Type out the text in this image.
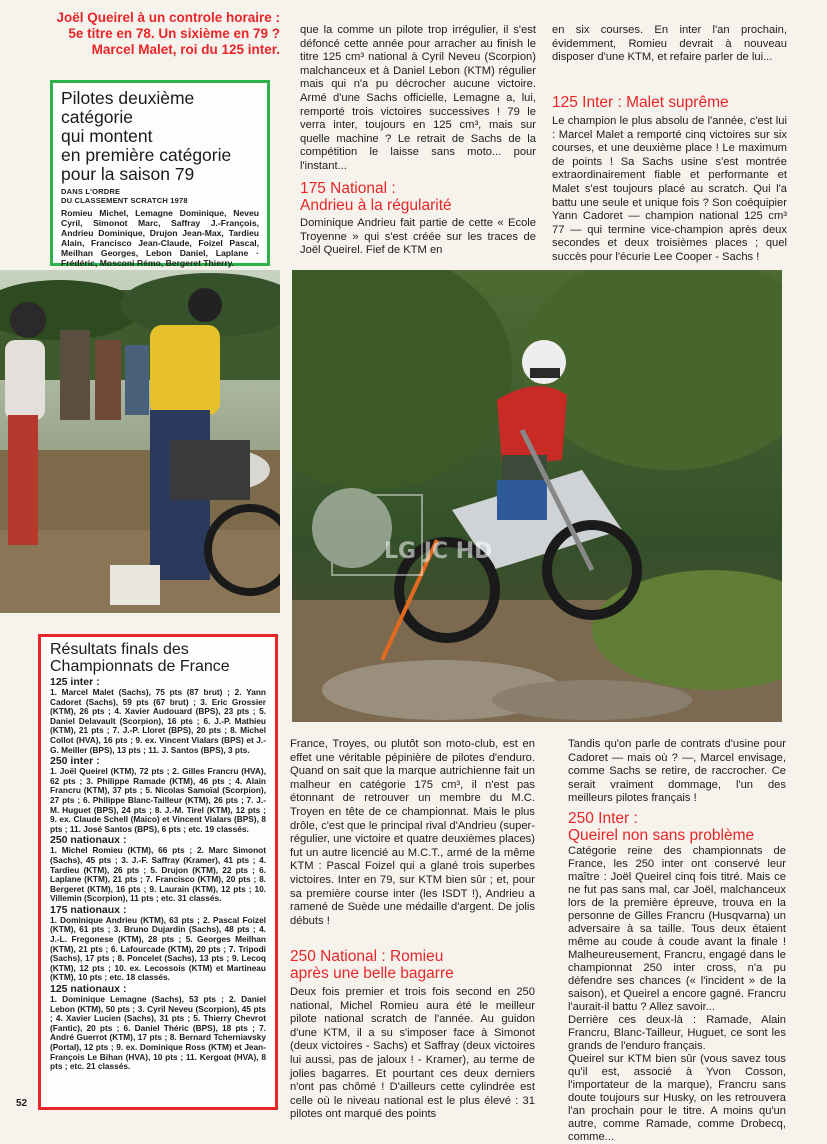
Joël Queirel à un controle horaire :
5e titre en 78. Un sixième en 79 ?
Marcel Malet, roi du 125 inter.

Pilotes deuxième catégorie

qui montent

en première catégorie

pour la saison 79

DANS L'ORDRE
DU CLASSEMENT SCRATCH 1978
Romieu Michel, Lemagne Dominique, Neveu Cyril, Simonot Marc, Saffray J.-François, Andrieu Dominique, Drujon Jean-Max, Tardieu Alain, Francisco Jean-Claude, Foizel Pascal, Meilhan Georges, Lebon Daniel, Laplane · Frédéric, Mosconi Rémo, Bergeret Thierry.
que la comme un pilote trop irrégulier, il s'est défoncé cette année pour arracher au finish le titre 125 cm³ national à Cyril Neveu (Scorpion) malchanceux et à Daniel Lebon (KTM) régulier mais qui n'a pu décrocher aucune victoire. Armé d'une Sachs officielle, Lemagne a, lui, remporté trois victoires successives ! 79 le verra inter, toujours en 125 cm³, mais sur quelle machine ? Le retrait de Sachs de la compétition le laisse sans moto... pour l'instant...
175 National :
Andrieu à la régularité
Dominique Andrieu fait partie de cette « Ecole Troyenne » qui s'est créée sur les traces de Joël Queirel. Fief de KTM en
en six courses. En inter l'an prochain, évidemment, Romieu devrait à nouveau disposer d'une KTM, et refaire parler de lui...
125 Inter : Malet suprême
Le champion le plus absolu de l'année, c'est lui : Marcel Malet a remporté cinq victoires sur six courses, et une deuxième place ! Le maximum de points ! Sa Sachs usine s'est montrée extraordinairement fiable et performante et Malet s'est toujours placé au scratch. Qui l'a battu une seule et unique fois ? Son coéquipier Yann Cadoret — champion national 125 cm³ 77 — qui termine vice-champion après deux secondes et deux troisièmes places ; quel succès pour l'écurie Lee Cooper - Sachs !
LG JC HD

Résultats finals des

Championnats de France

125 inter :
1. Marcel Malet (Sachs), 75 pts (87 brut) ; 2. Yann Cadoret (Sachs), 59 pts (67 brut) ; 3. Eric Grossier (KTM), 26 pts ; 4. Xavier Audouard (BPS), 23 pts ; 5. Daniel Delavault (Scorpion), 16 pts ; 6. J.-P. Mathieu (KTM), 21 pts ; 7. J.-P. Lloret (BPS), 20 pts ; 8. Michel Collot (HVA), 16 pts ; 9. ex. Vincent Vialars (BPS) et J.-G. Meiller (BPS), 13 pts ; 11. J. Santos (BPS), 3 pts.
250 inter :
1. Joël Queirel (KTM), 72 pts ; 2. Gilles Francru (HVA), 62 pts ; 3. Philippe Ramade (KTM), 46 pts ; 4. Alain Francru (KTM), 37 pts ; 5. Nicolas Samoïal (Scorpion), 27 pts ; 6. Philippe Blanc-Tailleur (KTM), 26 pts ; 7. J.-M. Huguet (BPS), 24 pts ; 8. J.-M. Tirel (KTM), 12 pts ; 9. ex. Claude Schell (Maico) et Vincent Vialars (BPS), 8 pts ; 11. José Santos (BPS), 6 pts ; etc. 19 classés.
250 nationaux :
1. Michel Romieu (KTM), 66 pts ; 2. Marc Simonot (Sachs), 45 pts ; 3. J.-F. Saffray (Kramer), 41 pts ; 4. Tardieu (KTM), 26 pts ; 5. Drujon (KTM), 22 pts ; 6. Laplane (KTM), 21 pts ; 7. Francisco (KTM), 20 pts ; 8. Bergeret (KTM), 16 pts ; 9. Laurain (KTM), 12 pts ; 10. Villemin (Scorpion), 11 pts ; etc. 31 classés.
175 nationaux :
1. Dominique Andrieu (KTM), 63 pts ; 2. Pascal Foizel (KTM), 61 pts ; 3. Bruno Dujardin (Sachs), 48 pts ; 4. J.-L. Fregonese (KTM), 28 pts ; 5. Georges Meilhan (KTM), 21 pts ; 6. Lafourcade (KTM), 20 pts ; 7. Tripodi (Sachs), 17 pts ; 8. Poncelet (Sachs), 13 pts ; 9. Lecoq (KTM), 12 pts ; 10. ex. Lecossois (KTM) et Martineau (KTM), 10 pts ; etc. 18 classés.
125 nationaux :
1. Dominique Lemagne (Sachs), 53 pts ; 2. Daniel Lebon (KTM), 50 pts ; 3. Cyril Neveu (Scorpion), 45 pts ; 4. Xavier Lucien (Sachs), 31 pts ; 5. Thierry Chevrot (Fantic), 20 pts ; 6. Daniel Théric (BPS), 18 pts ; 7. André Guerrot (KTM), 17 pts ; 8. Bernard Tcherniavsky (Portal), 12 pts ; 9. ex. Dominique Ross (KTM) et Jean-François Le Bihan (HVA), 10 pts ; 11. Kergoat (HVA), 8 pts ; etc. 21 classés.
France, Troyes, ou plutôt son moto-club, est en effet une véritable pépinière de pilotes d'enduro. Quand on sait que la marque autrichienne fait un malheur en catégorie 175 cm³, il n'est pas étonnant de retrouver un membre du M.C. Troyen en tête de ce championnat. Mais le plus drôle, c'est que le principal rival d'Andrieu (super-régulier, une victoire et quatre deuxièmes places) fut un autre licencié au M.C.T., armé de la même KTM : Pascal Foizel qui a glané trois superbes victoires. Inter en 79, sur KTM bien sûr ; et, pour sa première course inter (les ISDT !), Andrieu a ramené de Suède une médaille d'argent. De jolis débuts !
250 National : Romieu
après une belle bagarre
Deux fois premier et trois fois second en 250 national, Michel Romieu aura été le meilleur pilote national scratch de l'année. Au guidon d'une KTM, il a su s'imposer face à Simonot (deux victoires - Sachs) et Saffray (deux victoires lui aussi, pas de jaloux ! - Kramer), au terme de jolies bagarres. Et pourtant ces deux derniers n'ont pas chômé ! D'ailleurs cette cylindrée est celle où le niveau national est le plus élevé : 31 pilotes ont marqué des points
Tandis qu'on parle de contrats d'usine pour Cadoret — mais où ? —, Marcel envisage, comme Sachs se retire, de raccrocher. Ce serait vraiment dommage, l'un des meilleurs pilotes français !
250 Inter :
Queirel non sans problème
Catégorie reine des championnats de France, les 250 inter ont conservé leur maître : Joël Queirel cinq fois titré. Mais ce ne fut pas sans mal, car Joël, malchanceux lors de la première épreuve, trouva en la personne de Gilles Francru (Husqvarna) un adversaire à sa taille. Tous deux étaient même au coude à coude avant la finale ! Malheureusement, Francru, engagé dans le championnat 250 inter cross, n'a pu défendre ses chances (« l'incident » de la saison), et Queirel a encore gagné. Francru l'aurait-il battu ? Allez savoir...
Derrière ces deux-là : Ramade, Alain Francru, Blanc-Tailleur, Huguet, ce sont les grands de l'enduro français.
Queirel sur KTM bien sûr (vous savez tous qu'il est, associé à Yvon Cosson, l'importateur de la marque), Francru sans doute toujours sur Husky, on les retrouvera l'an prochain pour le titre. A moins qu'un autre, comme Ramade, comme Drobecq, comme...
52
